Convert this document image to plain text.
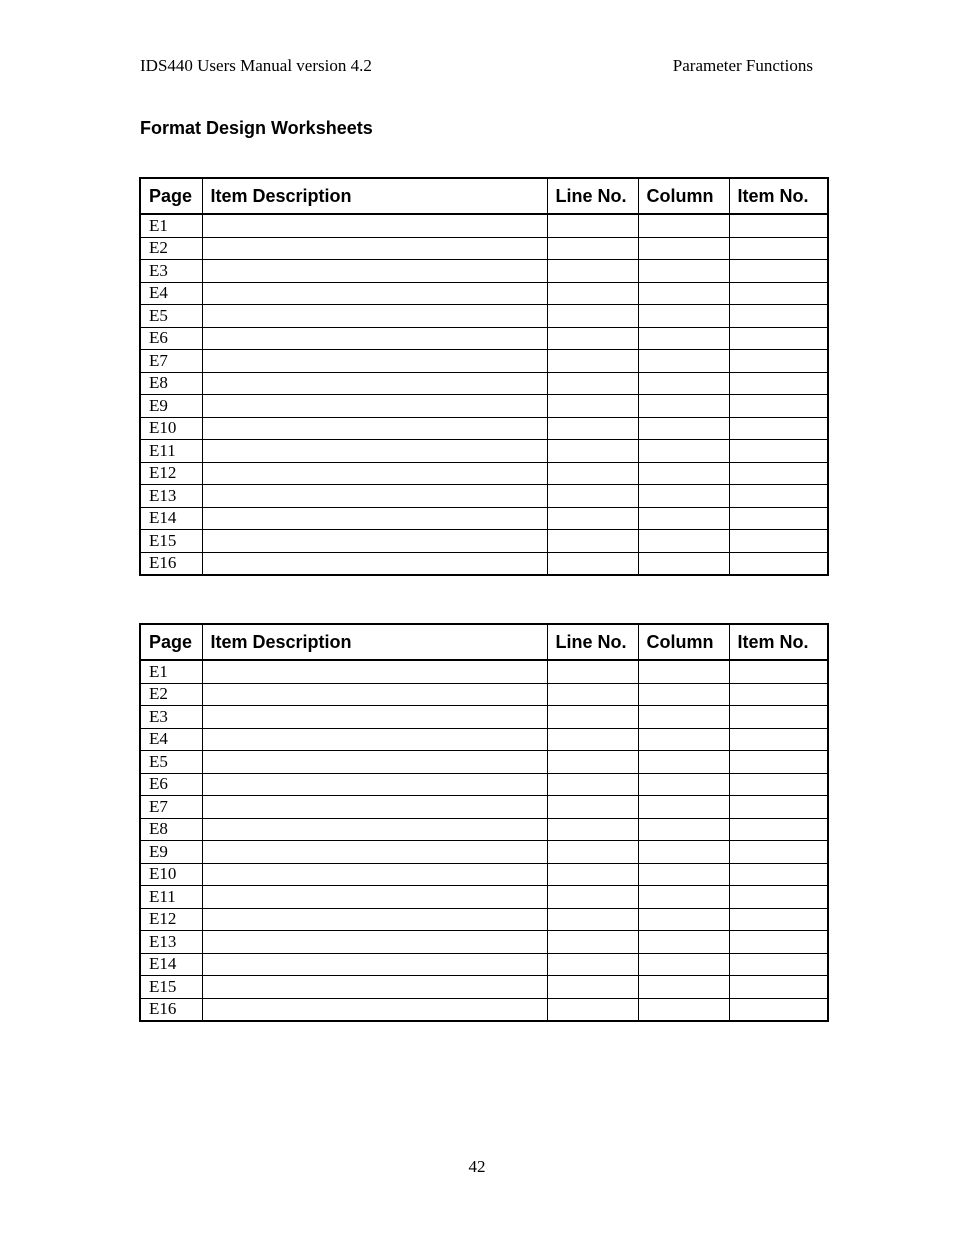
IDS440 Users Manual version 4.2	Parameter Functions
Format Design Worksheets
Page	Item Description	Line No.	Column	Item No.
E1				
E2				
E3				
E4				
E5				
E6				
E7				
E8				
E9				
E10				
E11				
E12				
E13				
E14				
E15				
E16				
Page	Item Description	Line No.	Column	Item No.
E1				
E2				
E3				
E4				
E5				
E6				
E7				
E8				
E9				
E10				
E11				
E12				
E13				
E14				
E15				
E16				
42
